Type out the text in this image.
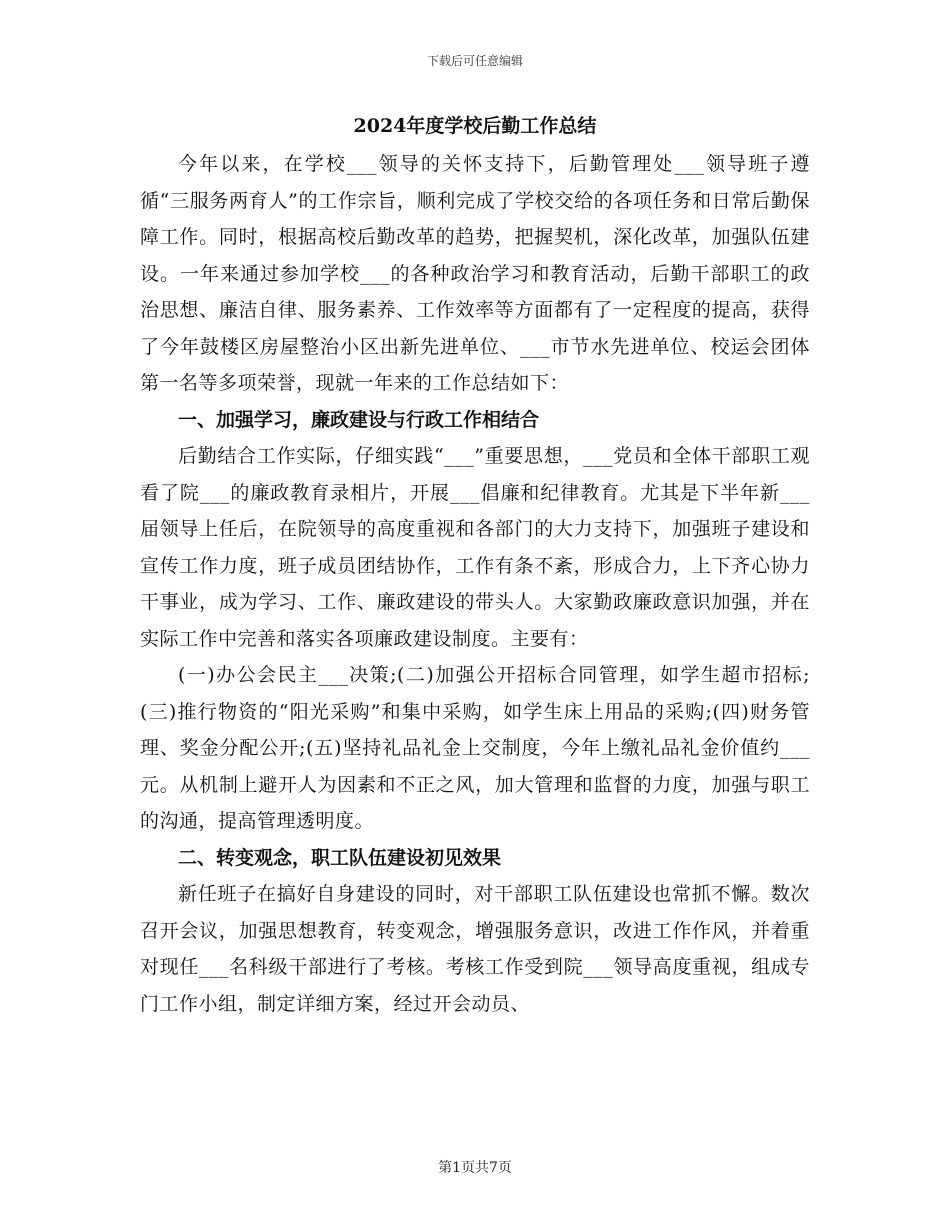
下载后可任意编辑
2024年度学校后勤工作总结

今年以来，在学校___领导的关怀支持下，后勤管理处___领导班子遵循“三服务两育人”的工作宗旨，顺利完成了学校交给的各项任务和日常后勤保障工作。同时，根据高校后勤改革的趋势，把握契机，深化改革，加强队伍建设。一年来通过参加学校___的各种政治学习和教育活动，后勤干部职工的政治思想、廉洁自律、服务素养、工作效率等方面都有了一定程度的提高，获得了今年鼓楼区房屋整治小区出新先进单位、___市节水先进单位、校运会团体第一名等多项荣誉，现就一年来的工作总结如下：

一、加强学习，廉政建设与行政工作相结合

后勤结合工作实际，仔细实践“___”重要思想，___党员和全体干部职工观看了院___的廉政教育录相片，开展___倡廉和纪律教育。尤其是下半年新___届领导上任后，在院领导的高度重视和各部门的大力支持下，加强班子建设和宣传工作力度，班子成员团结协作，工作有条不紊，形成合力，上下齐心协力干事业，成为学习、工作、廉政建设的带头人。大家勤政廉政意识加强，并在实际工作中完善和落实各项廉政建设制度。主要有：

(一)办公会民主___决策;(二)加强公开招标合同管理，如学生超市招标;(三)推行物资的“阳光采购”和集中采购，如学生床上用品的采购;(四)财务管理、奖金分配公开;(五)坚持礼品礼金上交制度，今年上缴礼品礼金价值约___元。从机制上避开人为因素和不正之风，加大管理和监督的力度，加强与职工的沟通，提高管理透明度。

二、转变观念，职工队伍建设初见效果

新任班子在搞好自身建设的同时，对干部职工队伍建设也常抓不懈。数次召开会议，加强思想教育，转变观念，增强服务意识，改进工作作风，并着重对现任___名科级干部进行了考核。考核工作受到院___领导高度重视，组成专门工作小组，制定详细方案，经过开会动员、

第1页共7页
